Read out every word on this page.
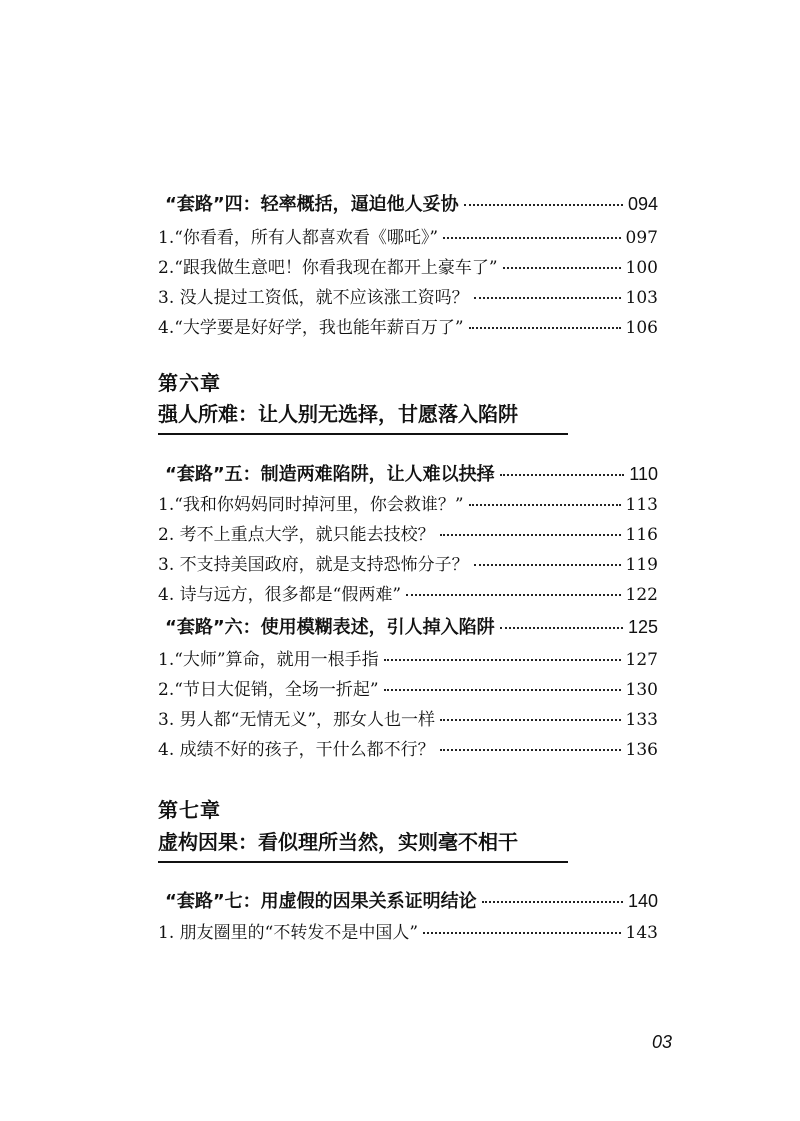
“套路”四：轻率概括，逼迫他人妥协	094
1.“你看看，所有人都喜欢看《哪吒》”	097
2.“跟我做生意吧！你看我现在都开上豪车了”	100
3. 没人提过工资低，就不应该涨工资吗？	103
4.“大学要是好好学，我也能年薪百万了”	106
第六章
强人所难：让人别无选择，甘愿落入陷阱
“套路”五：制造两难陷阱，让人难以抉择	110
1.“我和你妈妈同时掉河里，你会救谁？”	113
2. 考不上重点大学，就只能去技校？	116
3. 不支持美国政府，就是支持恐怖分子？	119
4. 诗与远方，很多都是“假两难”	122
“套路”六：使用模糊表述，引人掉入陷阱	125
1.“大师”算命，就用一根手指	127
2.“节日大促销，全场一折起”	130
3. 男人都“无情无义”，那女人也一样	133
4. 成绩不好的孩子，干什么都不行？	136
第七章
虚构因果：看似理所当然，实则毫不相干
“套路”七：用虚假的因果关系证明结论	140
1. 朋友圈里的“不转发不是中国人”	143
03
